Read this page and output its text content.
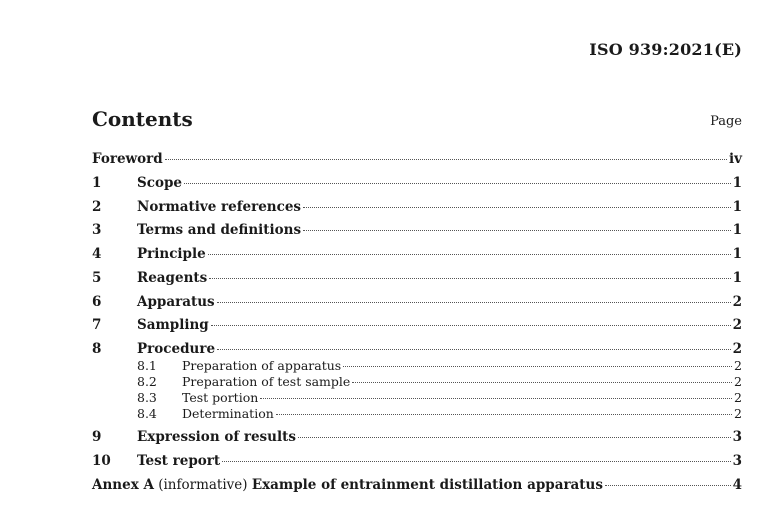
ISO 939:2021(E)
Contents	Page
Foreword	iv
1	Scope	1
2	Normative references	1
3	Terms and definitions	1
4	Principle	1
5	Reagents	1
6	Apparatus	2
7	Sampling	2
8	Procedure	2
8.1	Preparation of apparatus	2
8.2	Preparation of test sample	2
8.3	Test portion	2
8.4	Determination	2
9	Expression of results	3
10	Test report	3
Annex A (informative) Example of entrainment distillation apparatus	4
